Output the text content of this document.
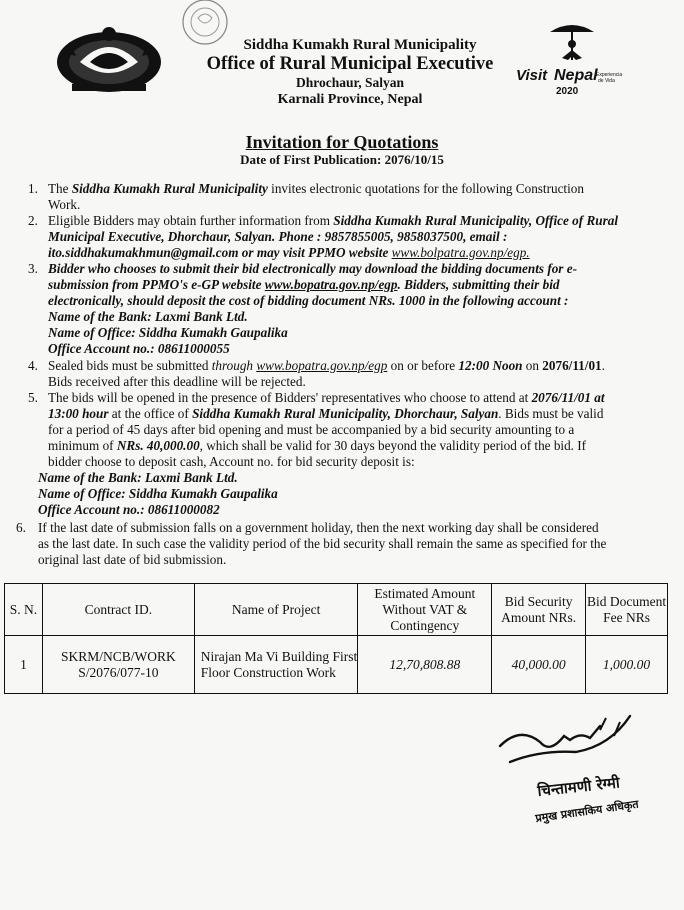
Siddha Kumakh Rural Municipality
Office of Rural Municipal Executive
Dhrochaur, Salyan
Karnali Province, Nepal
Visit Nepal
Experiencia
de Vida
2020
Invitation for Quotations
Date of First Publication: 2076/10/15
1. The Siddha Kumakh Rural Municipality invites electronic quotations for the following Construction
Work.
2. Eligible Bidders may obtain further information from Siddha Kumakh Rural Municipality, Office of Rural
Municipal Executive, Dhorchaur, Salyan. Phone : 9857855005, 9858037500, email :
ito.siddhakumakhmun@gmail.com or may visit PPMO website www.bolpatra.gov.np/egp.
3. Bidder who chooses to submit their bid electronically may download the bidding documents for e-
submission from PPMO's e-GP website www.bopatra.gov.np/egp. Bidders, submitting their bid
electronically, should deposit the cost of bidding document NRs. 1000 in the following account :
Name of the Bank: Laxmi Bank Ltd.
Name of Office: Siddha Kumakh Gaupalika
Office Account no.: 08611000055
4. Sealed bids must be submitted through www.bopatra.gov.np/egp on or before 12:00 Noon on 2076/11/01.
Bids received after this deadline will be rejected.
5. The bids will be opened in the presence of Bidders' representatives who choose to attend at 2076/11/01 at
13:00 hour at the office of Siddha Kumakh Rural Municipality, Dhorchaur, Salyan. Bids must be valid
for a period of 45 days after bid opening and must be accompanied by a bid security amounting to a
minimum of NRs. 40,000.00, which shall be valid for 30 days beyond the validity period of the bid. If
bidder choose to deposit cash, Account no. for bid security deposit is:
Name of the Bank: Laxmi Bank Ltd.
Name of Office: Siddha Kumakh Gaupalika
Office Account no.: 08611000082
6. If the last date of submission falls on a government holiday, then the next working day shall be considered
as the last date. In such case the validity period of the bid security shall remain the same as specified for the
original last date of bid submission.
S. N.	Contract ID.	Name of Project	Estimated Amount Without VAT & Contingency	Bid Security Amount NRs.	Bid Document Fee NRs
1	SKRM/NCB/WORK S/2076/077-10	Nirajan Ma Vi Building First Floor Construction Work	12,70,808.88	40,000.00	1,000.00
चिन्तामणी रेग्मी
प्रमुख प्रशासकिय अधिकृत
